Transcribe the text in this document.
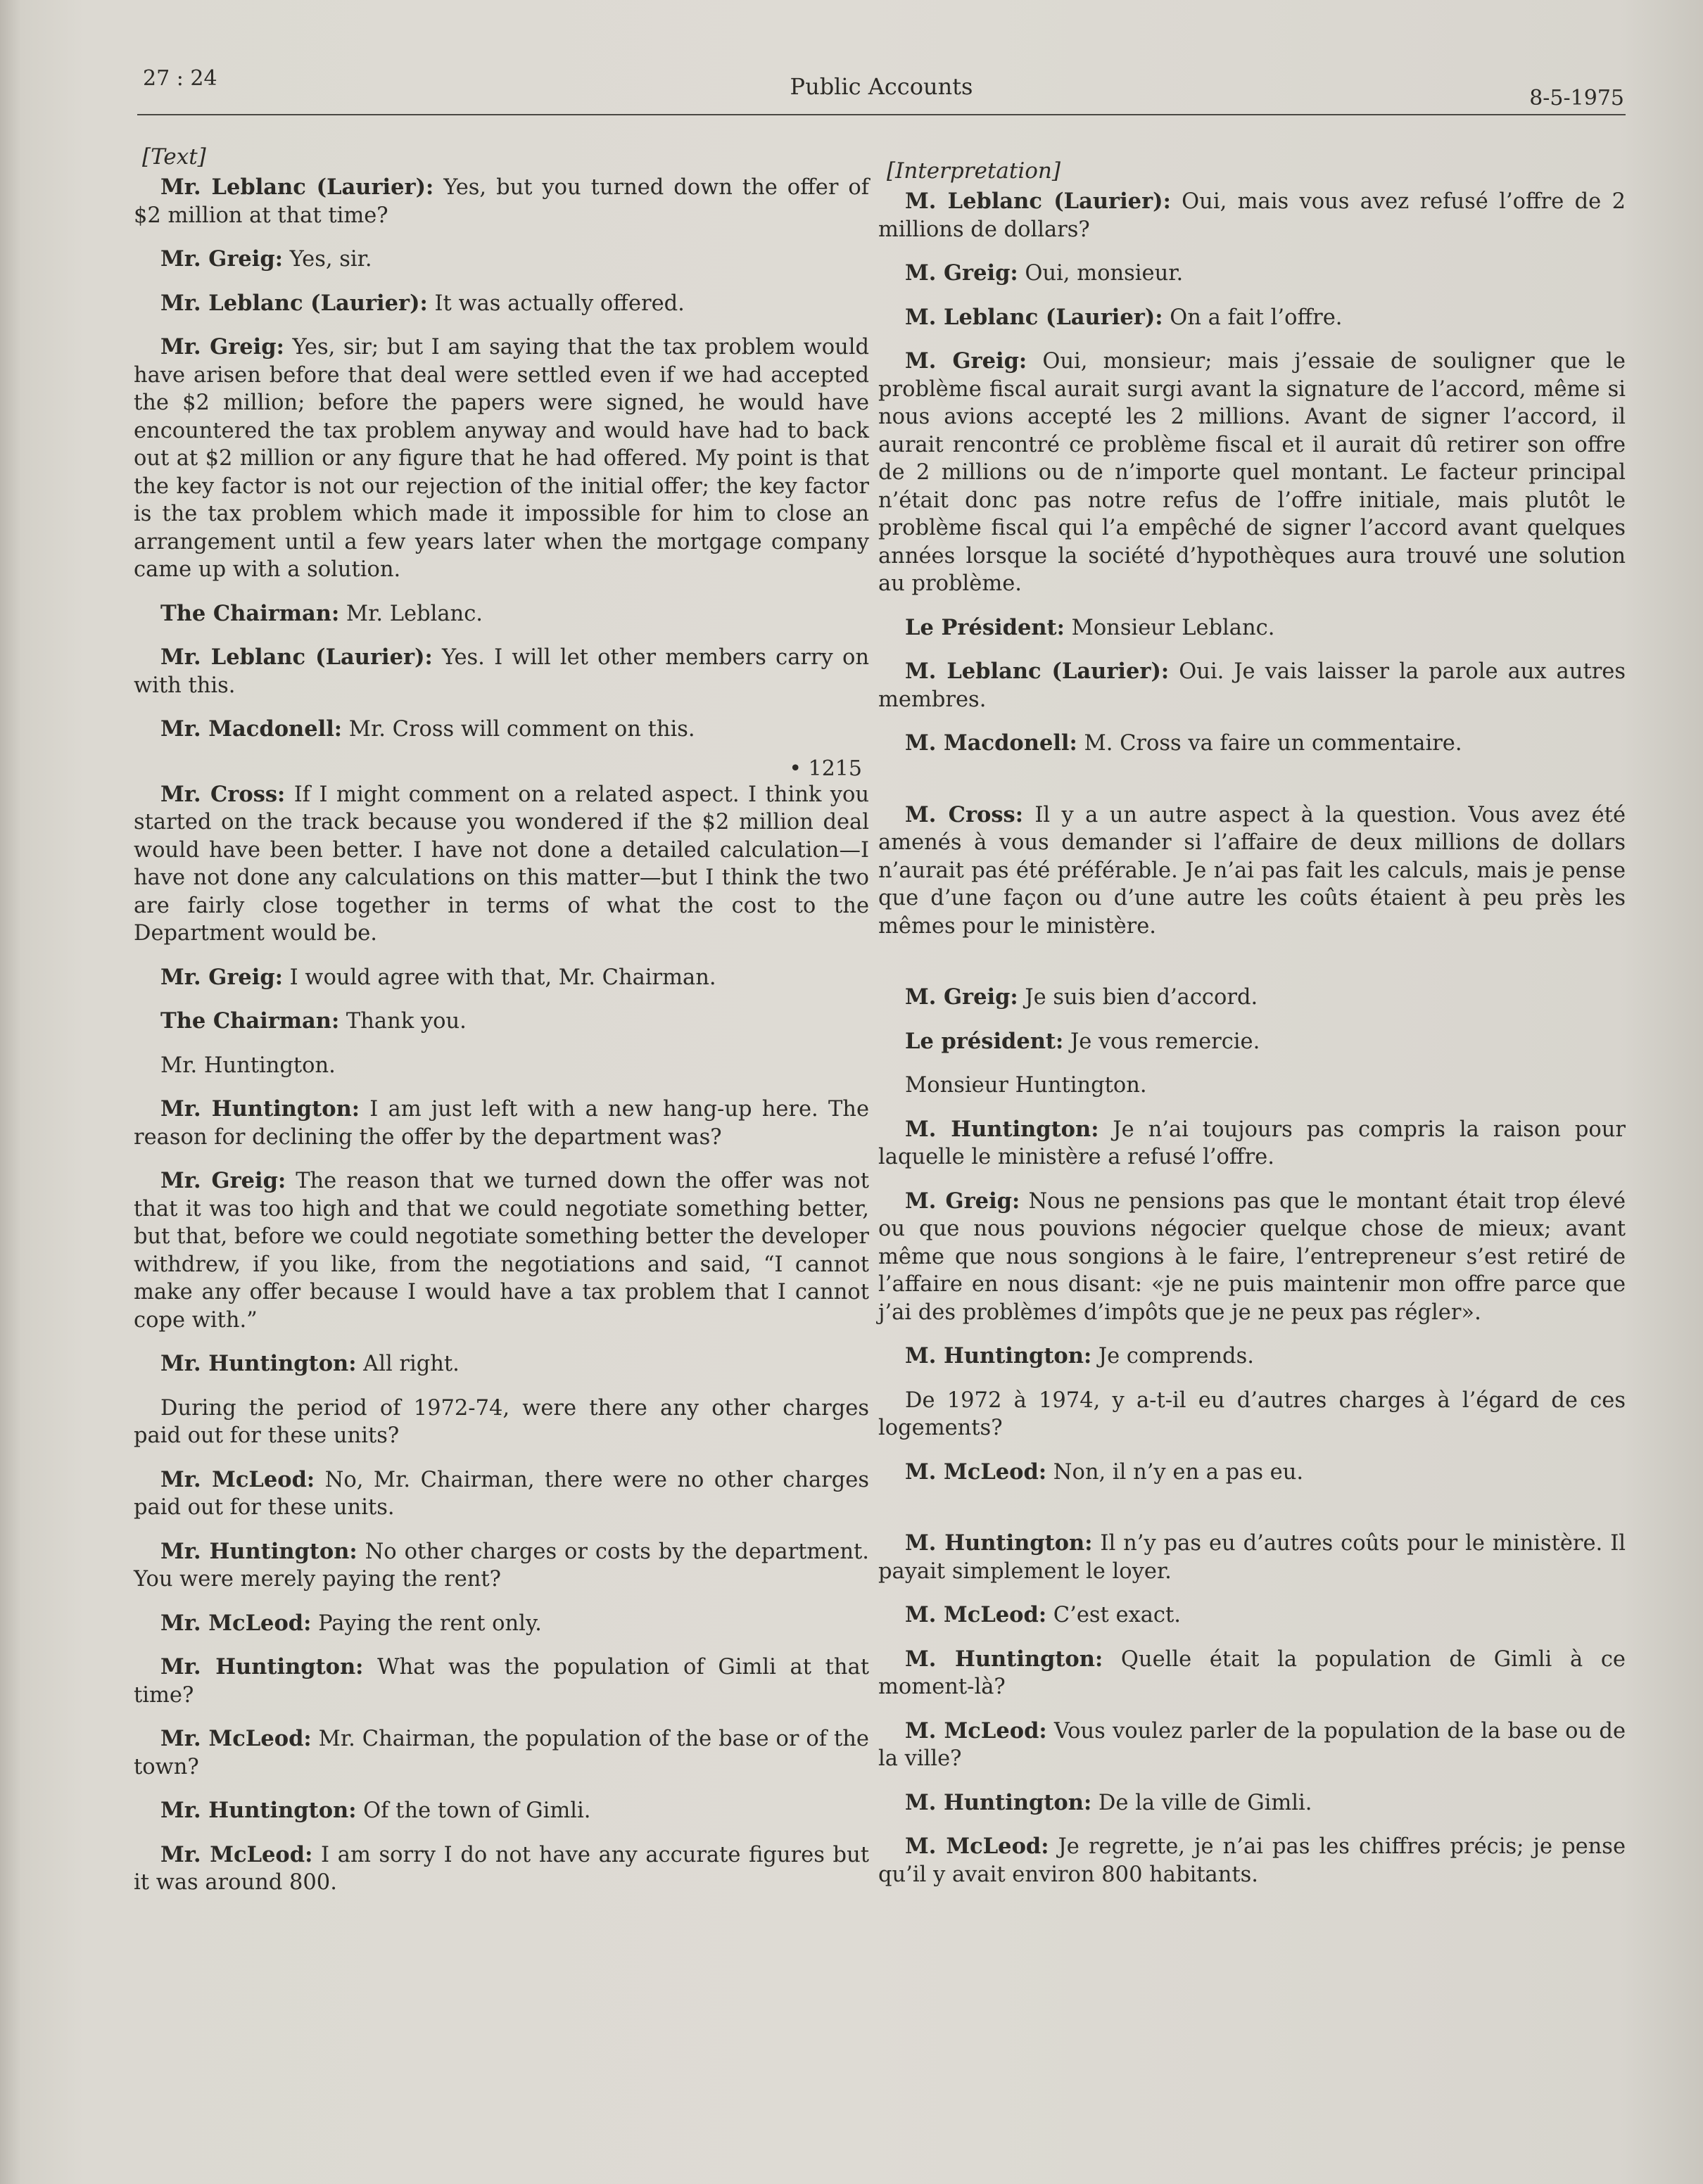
27 : 24	Public Accounts	8-5-1975
[Text]

Mr. Leblanc (Laurier): Yes, but you turned down the offer of $2 million at that time?

Mr. Greig: Yes, sir.

Mr. Leblanc (Laurier): It was actually offered.

Mr. Greig: Yes, sir; but I am saying that the tax problem would have arisen before that deal were settled even if we had accepted the $2 million; before the papers were signed, he would have encountered the tax problem anyway and would have had to back out at $2 million or any figure that he had offered. My point is that the key factor is not our rejection of the initial offer; the key factor is the tax problem which made it impossible for him to close an arrangement until a few years later when the mortgage company came up with a solution.

The Chairman: Mr. Leblanc.

Mr. Leblanc (Laurier): Yes. I will let other members carry on with this.

Mr. Macdonell: Mr. Cross will comment on this.

• 1215

Mr. Cross: If I might comment on a related aspect. I think you started on the track because you wondered if the $2 million deal would have been better. I have not done a detailed calculation—I have not done any calculations on this matter—but I think the two are fairly close together in terms of what the cost to the Department would be.

Mr. Greig: I would agree with that, Mr. Chairman.

The Chairman: Thank you.

Mr. Huntington.

Mr. Huntington: I am just left with a new hang-up here. The reason for declining the offer by the department was?

Mr. Greig: The reason that we turned down the offer was not that it was too high and that we could negotiate something better, but that, before we could negotiate something better the developer withdrew, if you like, from the negotiations and said, “I cannot make any offer because I would have a tax problem that I cannot cope with.”

Mr. Huntington: All right.

During the period of 1972-74, were there any other charges paid out for these units?

Mr. McLeod: No, Mr. Chairman, there were no other charges paid out for these units.

Mr. Huntington: No other charges or costs by the department. You were merely paying the rent?

Mr. McLeod: Paying the rent only.

Mr. Huntington: What was the population of Gimli at that time?

Mr. McLeod: Mr. Chairman, the population of the base or of the town?

Mr. Huntington: Of the town of Gimli.

Mr. McLeod: I am sorry I do not have any accurate figures but it was around 800.

[Interpretation]

M. Leblanc (Laurier): Oui, mais vous avez refusé l’offre de 2 millions de dollars?

M. Greig: Oui, monsieur.

M. Leblanc (Laurier): On a fait l’offre.

M. Greig: Oui, monsieur; mais j’essaie de souligner que le problème fiscal aurait surgi avant la signature de l’accord, même si nous avions accepté les 2 millions. Avant de signer l’accord, il aurait rencontré ce problème fiscal et il aurait dû retirer son offre de 2 millions ou de n’importe quel montant. Le facteur principal n’était donc pas notre refus de l’offre initiale, mais plutôt le problème fiscal qui l’a empêché de signer l’accord avant quelques années lorsque la société d’hypothèques aura trouvé une solution au problème.

Le Président: Monsieur Leblanc.

M. Leblanc (Laurier): Oui. Je vais laisser la parole aux autres membres.

M. Macdonell: M. Cross va faire un commentaire.

M. Cross: Il y a un autre aspect à la question. Vous avez été amenés à vous demander si l’affaire de deux millions de dollars n’aurait pas été préférable. Je n’ai pas fait les calculs, mais je pense que d’une façon ou d’une autre les coûts étaient à peu près les mêmes pour le ministère.

M. Greig: Je suis bien d’accord.

Le président: Je vous remercie.

Monsieur Huntington.

M. Huntington: Je n’ai toujours pas compris la raison pour laquelle le ministère a refusé l’offre.

M. Greig: Nous ne pensions pas que le montant était trop élevé ou que nous pouvions négocier quelque chose de mieux; avant même que nous songions à le faire, l’entrepreneur s’est retiré de l’affaire en nous disant: «je ne puis maintenir mon offre parce que j’ai des problèmes d’impôts que je ne peux pas régler».

M. Huntington: Je comprends.

De 1972 à 1974, y a-t-il eu d’autres charges à l’égard de ces logements?

M. McLeod: Non, il n’y en a pas eu.

M. Huntington: Il n’y pas eu d’autres coûts pour le ministère. Il payait simplement le loyer.

M. McLeod: C’est exact.

M. Huntington: Quelle était la population de Gimli à ce moment-là?

M. McLeod: Vous voulez parler de la population de la base ou de la ville?

M. Huntington: De la ville de Gimli.

M. McLeod: Je regrette, je n’ai pas les chiffres précis; je pense qu’il y avait environ 800 habitants.
